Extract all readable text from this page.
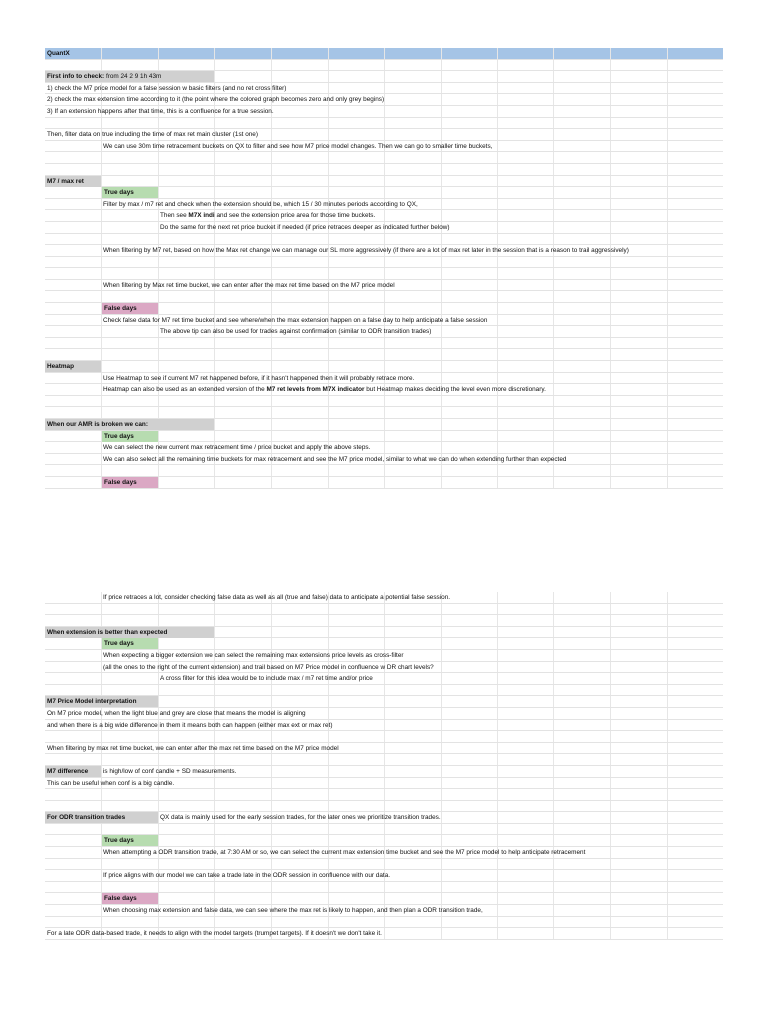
QuantX
First info to check: from 24 2 9 1h 43m
1) check the M7 price model for a false session w basic filters (and no ret cross filter)
2) check the max extension time according to it (the point where the colored graph becomes zero and only grey begins)
3) If an extension happens after that time, this is a confluence for a true session.
Then, filter data on true including the time of max ret main cluster (1st one)
We can use 30m time retracement buckets on QX to filter and see how M7 price model changes. Then we can go to smaller time buckets,
M7 / max ret
True days
Filter by max / m7 ret and check when the extension should be, which 15 / 30 minutes periods according to QX,
Then see M7X indi and see the extension price area for those time buckets.
Do the same for the next ret price bucket if needed (if price retraces deeper as indicated further below)
When filtering by M7 ret, based on how the Max ret change we can manage our SL more aggressively (if there are a lot of max ret later in the session that is a reason to trail aggressively)
When filtering by Max ret time bucket, we can enter after the max ret time based on the M7 price model
False days
Check false data for M7 ret time bucket and see where/when the max extension happen on a false day to help anticipate a false session
The above tip can also be used for trades against confirmation (similar to ODR transition trades)
Heatmap
Use Heatmap to see if current M7 ret happened before, if it hasn't happened then it will probably retrace more.
Heatmap can also be used as an extended version of the M7 ret levels from M7X indicator but Heatmap makes deciding the level even more discretionary.
When our AMR is broken we can:
True days
We can select the new current max retracement time / price bucket and apply the above steps.
We can also select all the remaining time buckets for max retracement and see the M7 price model, similar to what we can do when extending further than expected
False days
If price retraces a lot, consider checking false data as well as all (true and false) data to anticipate a potential false session.
When extension is better than expected
True days
When expecting a bigger extension we can select the remaining max extensions price levels as cross-filter
(all the ones to the right of the current extension) and trail based on M7 Price model in confluence w DR chart levels?
A cross filter for this idea would be to include max / m7 ret time and/or price
M7 Price Model interpretation
On M7 price model, when the light blue and grey are close that means the model is aligning
and when there is a big wide difference in them it means both can happen (either max ext or max ret)
When filtering by max ret time bucket, we can enter after the max ret time based on the M7 price model
M7 difference is high/low of conf candle + SD measurements.
This can be useful when conf is a big candle.
For ODR transition trades	QX data is mainly used for the early session trades, for the later ones we prioritize transition trades.
True days
When attempting a ODR transition trade, at 7:30 AM or so, we can select the current max extension time bucket and see the M7 price model to help anticipate retracement
If price aligns with our model we can take a trade late in the ODR session in confluence with our data.
False days
When choosing max extension and false data, we can see where the max ret is likely to happen, and then plan a ODR transition trade,
For a late ODR data-based trade, it needs to align with the model targets (trumpet targets). If it doesn't we don't take it.
